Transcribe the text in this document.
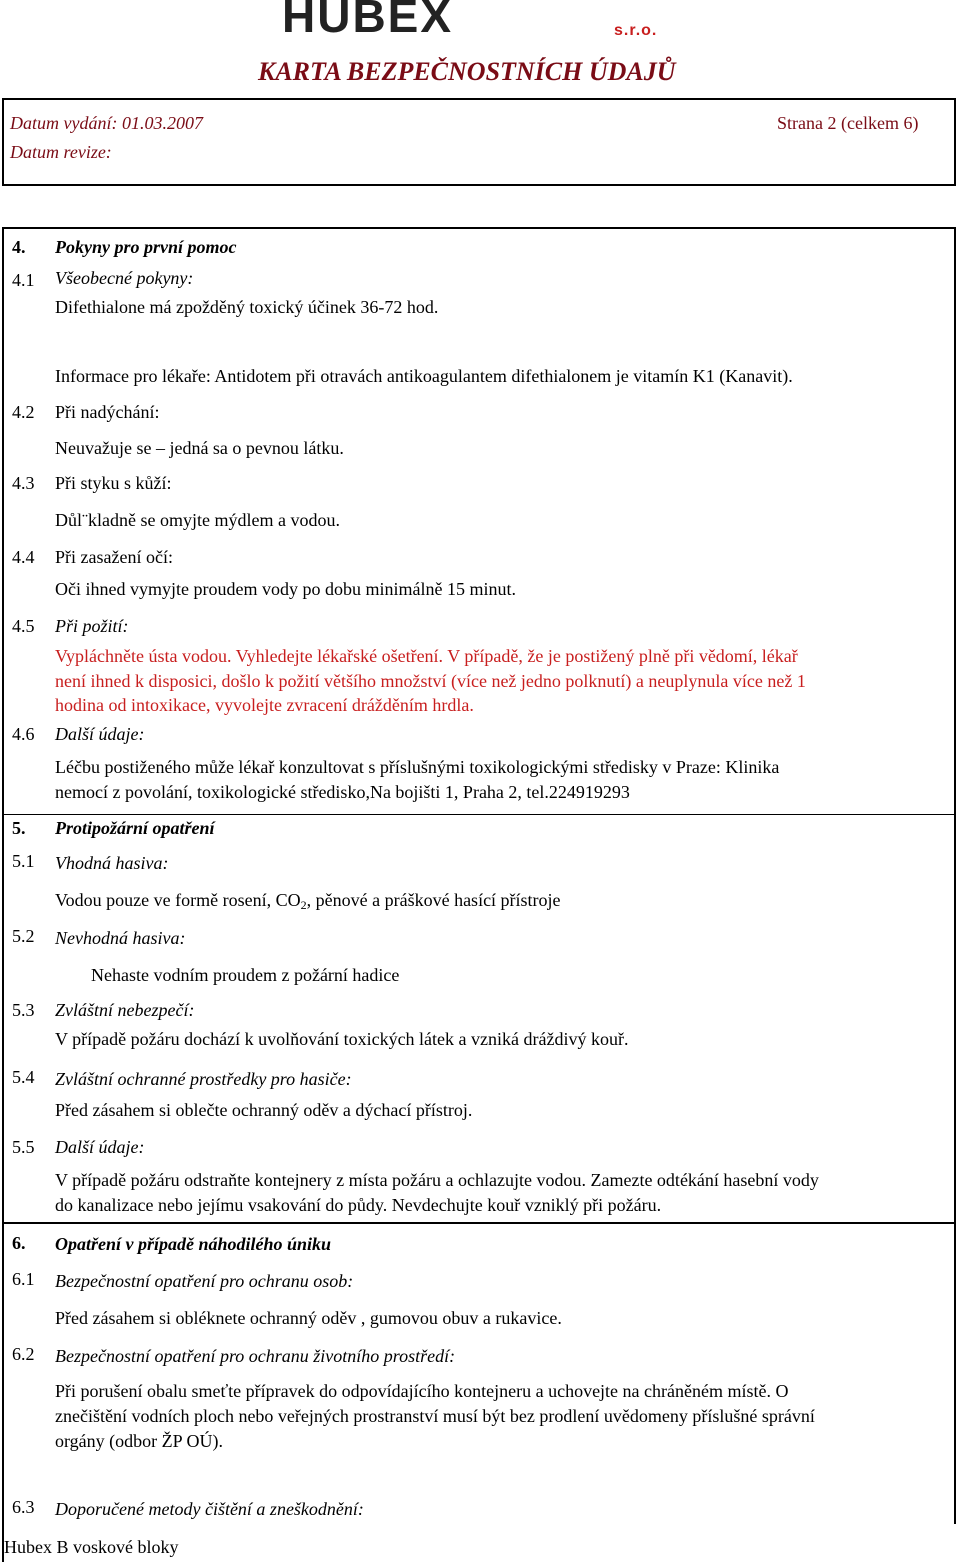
HUBEX	s.r.o.
KARTA BEZPEČNOSTNÍCH ÚDAJŮ
Datum vydání: 01.03.2007	Strana 2 (celkem 6)
Datum revize:
4. Pokyny pro první pomoc
4.1 Všeobecné pokyny:
Difethialone má zpožděný toxický účinek 36-72 hod.
Informace pro lékaře: Antidotem při otravách antikoagulantem difethialonem je vitamín K1 (Kanavit).
4.2 Při nadýchání:
Neuvažuje se – jedná sa o pevnou látku.
4.3 Při styku s kůží:
Důl¨kladně se omyjte mýdlem a vodou.
4.4 Při zasažení očí:
Oči ihned vymyjte proudem vody po dobu minimálně 15 minut.
4.5 Při požití:
Vypláchněte ústa vodou. Vyhledejte lékařské ošetření. V případě, že je postižený plně při vědomí, lékař
není ihned k disposici, došlo k požití většího množství (více než jedno polknutí) a neuplynula více než 1
hodina od intoxikace, vyvolejte zvracení drážděním hrdla.
4.6 Další údaje:
Léčbu postiženého může lékař konzultovat s příslušnými toxikologickými středisky v Praze: Klinika
nemocí z povolání, toxikologické středisko,Na bojišti 1, Praha 2, tel.224919293
5. Protipožární opatření
5.1 Vhodná hasiva:
Vodou pouze ve formě rosení, $CO_2$, pěnové a práškové hasící přístroje
5.2 Nevhodná hasiva:
Nehaste vodním proudem z požární hadice
5.3 Zvláštní nebezpečí:
V případě požáru dochází k uvolňování toxických látek a vzniká dráždivý kouř.
5.4 Zvláštní ochranné prostředky pro hasiče:
Před zásahem si oblečte ochranný oděv a dýchací přístroj.
5.5 Další údaje:
V případě požáru odstraňte kontejnery z místa požáru a ochlazujte vodou. Zamezte odtékání hasební vody
do kanalizace nebo jejímu vsakování do půdy. Nevdechujte kouř vzniklý při požáru.
6. Opatření v případě náhodilého úniku
6.1 Bezpečnostní opatření pro ochranu osob:
Před zásahem si obléknete ochranný oděv , gumovou obuv a rukavice.
6.2 Bezpečnostní opatření pro ochranu životního prostředí:
Při porušení obalu smeťte přípravek do odpovídajícího kontejneru a uchovejte na chráněném místě. O
znečištění vodních ploch nebo veřejných prostranství musí být bez prodlení uvědomeny příslušné správní
orgány (odbor ŽP OÚ).
6.3 Doporučené metody čištění a zneškodnění:
Hubex B voskové bloky
